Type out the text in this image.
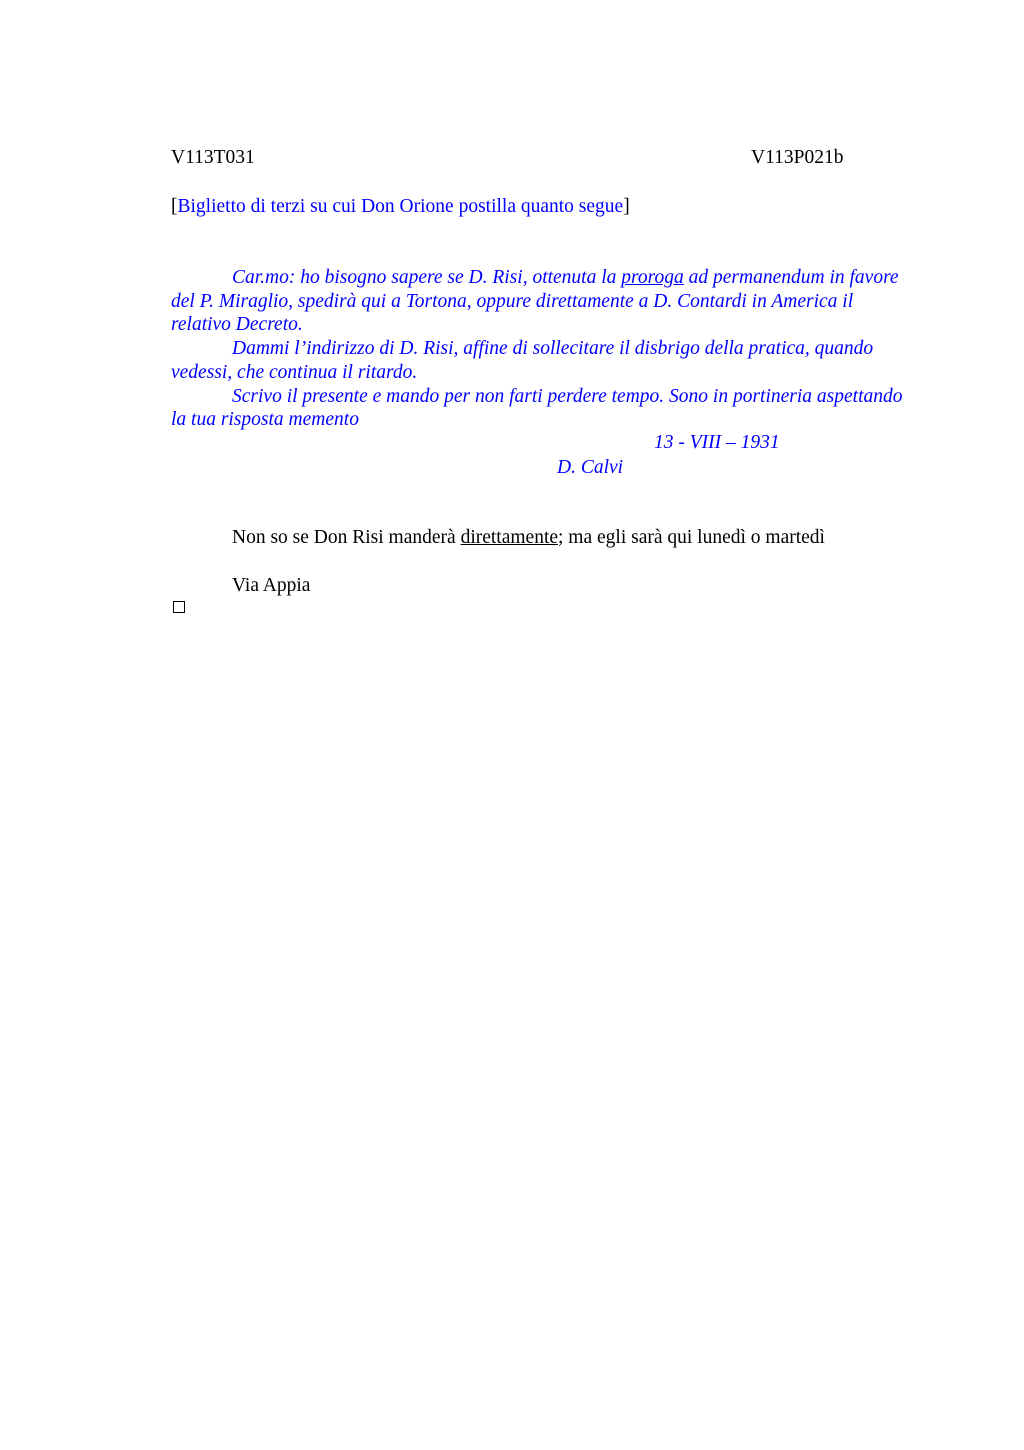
V113T031	V113P021b
[Biglietto di terzi su cui Don Orione postilla quanto segue]

Car.mo: ho bisogno sapere se D. Risi, ottenuta la proroga ad permanendum in favore del P. Miraglio, spedirà qui a Tortona, oppure direttamente a D. Contardi in America il relativo Decreto.

Dammi l’indirizzo di D. Risi, affine di sollecitare il disbrigo della pratica, quando vedessi, che continua il ritardo.

Scrivo il presente e mando per non farti perdere tempo. Sono in portineria aspettando la tua risposta memento

13 - VIII – 1931
D. Calvi
Non so se Don Risi manderà direttamente; ma egli sarà qui lunedì o martedì
Via Appia
